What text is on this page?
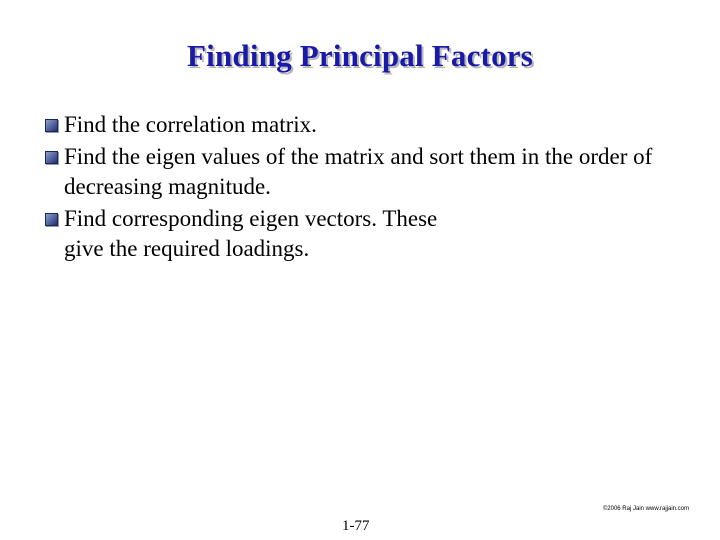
Finding Principal Factors
Find the correlation matrix.
Find the eigen values of the matrix and sort them in the order of decreasing magnitude.
Find corresponding eigen vectors. These give the required loadings.
©2006 Raj Jain www.rajjain.com
1-77
